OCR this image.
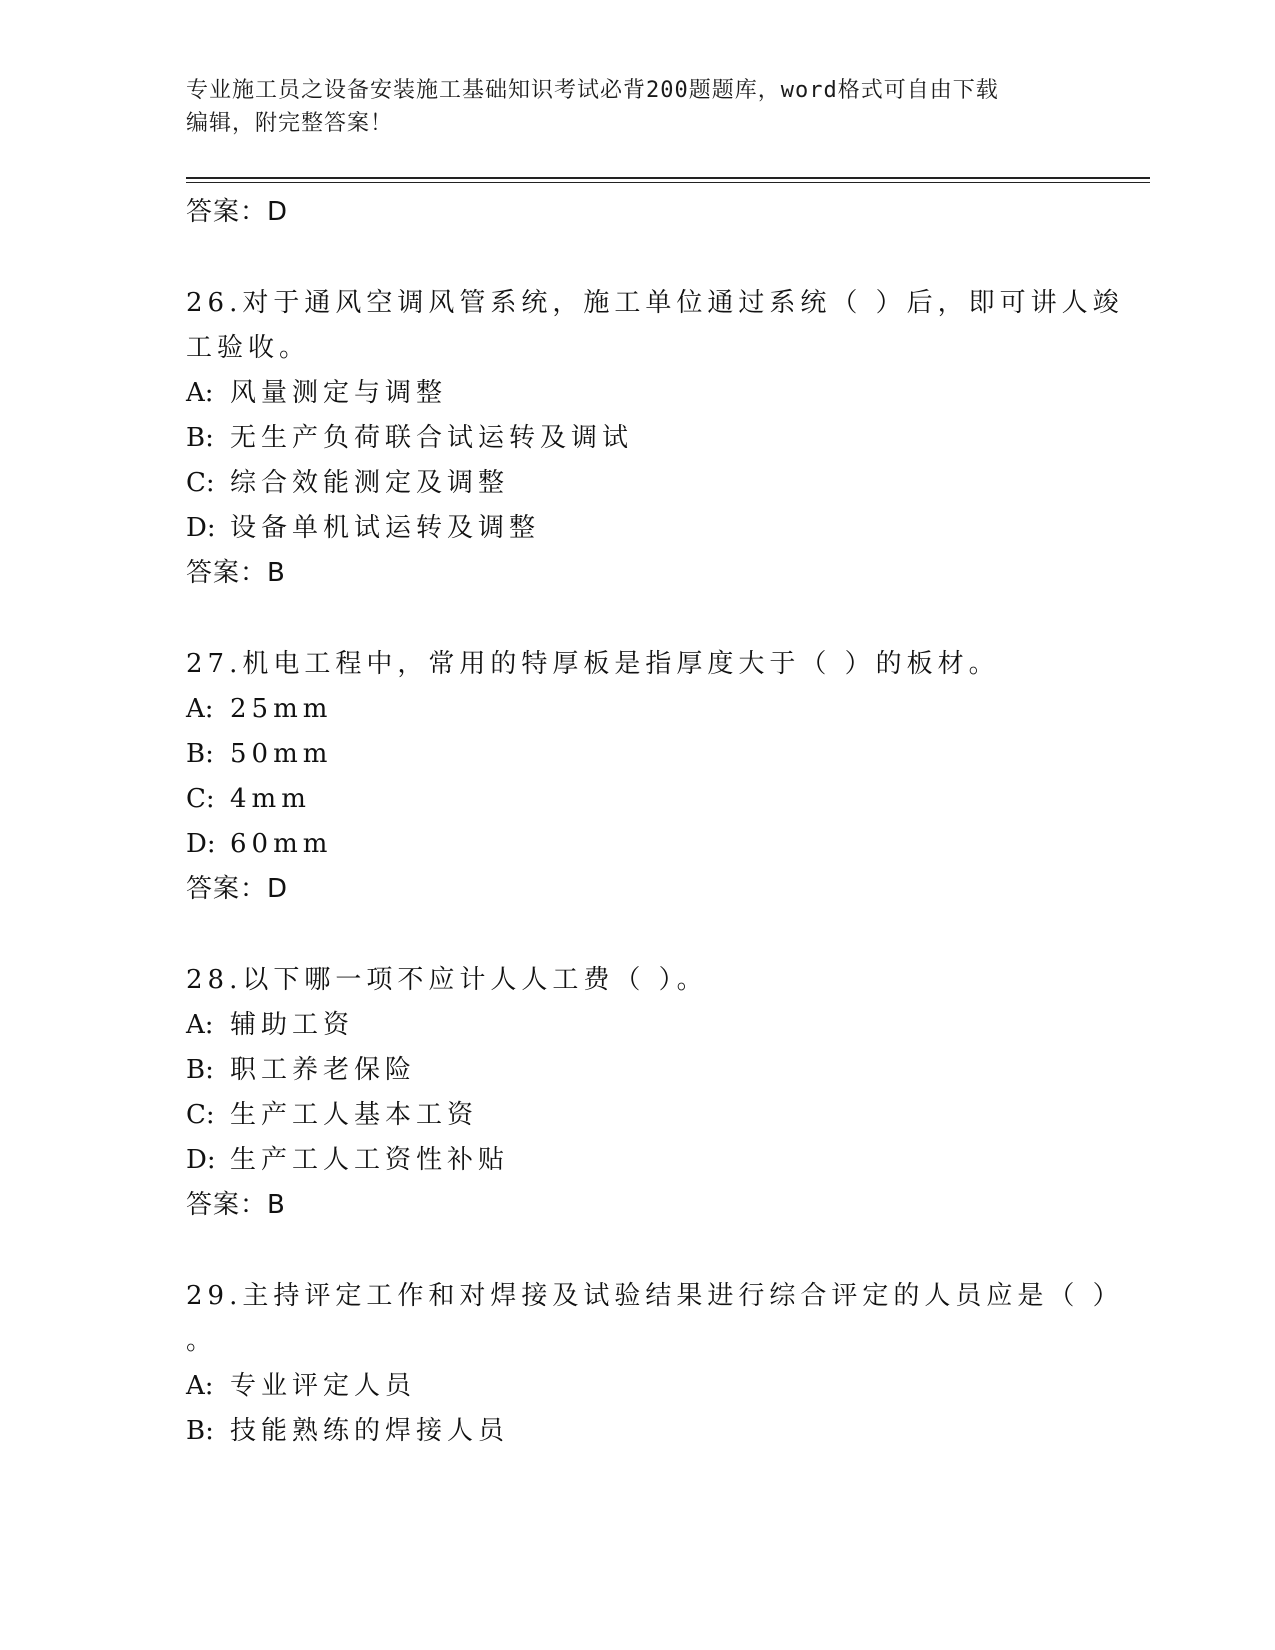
专业施工员之设备安装施工基础知识考试必背200题题库，word格式可自由下载
编辑，附完整答案！
答案：D
26.对于通风空调风管系统，施工单位通过系统（ ）后，即可讲人竣
工验收。
A: 风量测定与调整
B: 无生产负荷联合试运转及调试
C: 综合效能测定及调整
D: 设备单机试运转及调整
答案：B
27.机电工程中，常用的特厚板是指厚度大于（ ）的板材。
A: 25mm
B: 50mm
C: 4mm
D: 60mm
答案：D
28.以下哪一项不应计人人工费（ ）。
A: 辅助工资
B: 职工养老保险
C: 生产工人基本工资
D: 生产工人工资性补贴
答案：B
29.主持评定工作和对焊接及试验结果进行综合评定的人员应是（ ）
。
A: 专业评定人员
B: 技能熟练的焊接人员
